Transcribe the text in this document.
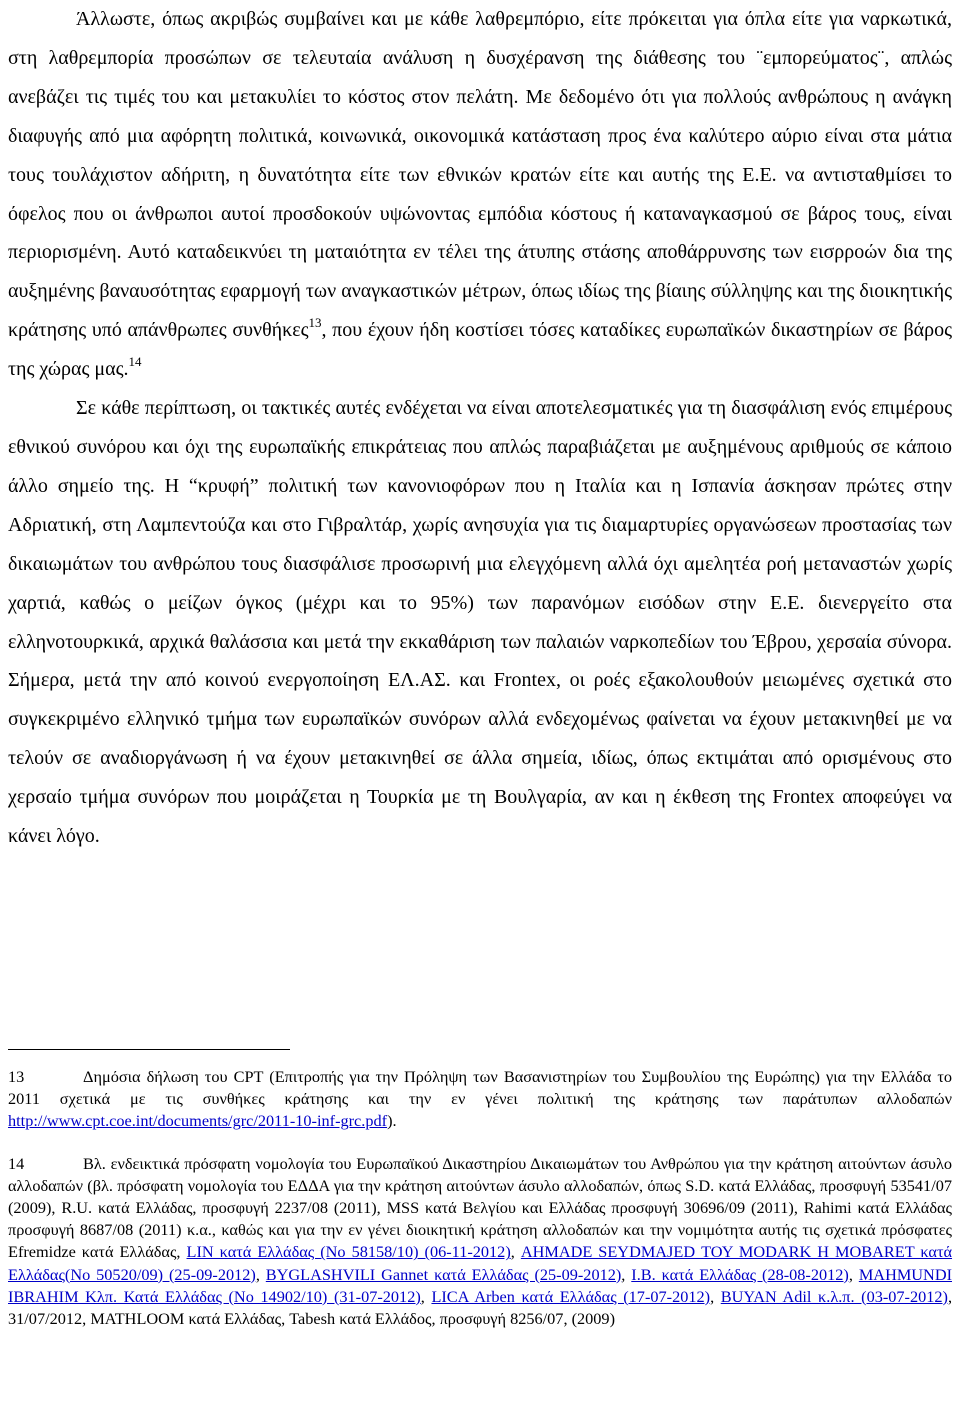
Άλλωστε, όπως ακριβώς συμβαίνει και με κάθε λαθρεμπόριο, είτε πρόκειται για όπλα είτε για ναρκωτικά, στη λαθρεμπορία προσώπων σε τελευταία ανάλυση η δυσχέρανση της διάθεσης του ¨εμπορεύματος¨, απλώς ανεβάζει τις τιμές του και μετακυλίει το κόστος στον πελάτη. Με δεδομένο ότι για πολλούς ανθρώπους η ανάγκη διαφυγής από μια αφόρητη πολιτικά, κοινωνικά, οικονομικά κατάσταση προς ένα καλύτερο αύριο είναι στα μάτια τους τουλάχιστον αδήριτη, η δυνατότητα είτε των εθνικών κρατών είτε και αυτής της Ε.Ε. να αντισταθμίσει το όφελος που οι άνθρωποι αυτοί προσδοκούν υψώνοντας εμπόδια κόστους ή καταναγκασμού σε βάρος τους, είναι περιορισμένη. Αυτό καταδεικνύει τη ματαιότητα εν τέλει της άτυπης στάσης αποθάρρυνσης των εισρροών δια της αυξημένης βαναυσότητας εφαρμογή των αναγκαστικών μέτρων, όπως ιδίως της βίαιης σύλληψης και της διοικητικής κράτησης υπό απάνθρωπες συνθήκες$^{13}$, που έχουν ήδη κοστίσει τόσες καταδίκες ευρωπαϊκών δικαστηρίων σε βάρος της χώρας μας.$^{14}$

Σε κάθε περίπτωση, οι τακτικές αυτές ενδέχεται να είναι αποτελεσματικές για τη διασφάλιση ενός επιμέρους εθνικού συνόρου και όχι της ευρωπαϊκής επικράτειας που απλώς παραβιάζεται με αυξημένους αριθμούς σε κάποιο άλλο σημείο της. Η “κρυφή” πολιτική των κανονιοφόρων που η Ιταλία και η Ισπανία άσκησαν πρώτες στην Αδριατική, στη Λαμπεντούζα και στο Γιβραλτάρ, χωρίς ανησυχία για τις διαμαρτυρίες οργανώσεων προστασίας των δικαιωμάτων του ανθρώπου τους διασφάλισε προσωρινή μια ελεγχόμενη αλλά όχι αμελητέα ροή μεταναστών χωρίς χαρτιά, καθώς ο μείζων όγκος (μέχρι και το 95%) των παρανόμων εισόδων στην Ε.Ε. διενεργείτο στα ελληνοτουρκικά, αρχικά θαλάσσια και μετά την εκκαθάριση των παλαιών ναρκοπεδίων του Έβρου, χερσαία σύνορα. Σήμερα, μετά την από κοινού ενεργοποίηση ΕΛ.ΑΣ. και Frontex, οι ροές εξακολουθούν μειωμένες σχετικά στο συγκεκριμένο ελληνικό τμήμα των ευρωπαϊκών συνόρων αλλά ενδεχομένως φαίνεται να έχουν μετακινηθεί με να τελούν σε αναδιοργάνωση ή να έχουν μετακινηθεί σε άλλα σημεία, ιδίως, όπως εκτιμάται από ορισμένους στο χερσαίο τμήμα συνόρων που μοιράζεται η Τουρκία με τη Βουλγαρία, αν και η έκθεση της Frontex αποφεύγει να κάνει λόγο.

13	Δημόσια δήλωση του CPT (Επιτροπής για την Πρόληψη των Βασανιστηρίων του Συμβουλίου της Ευρώπης) για την Ελλάδα το 2011 σχετικά με τις συνθήκες κράτησης και την εν γένει πολιτική της κράτησης των παράτυπων αλλοδαπών http://www.cpt.coe.int/documents/grc/2011-10-inf-grc.pdf).

14	Βλ. ενδεικτικά πρόσφατη νομολογία του Ευρωπαϊκού Δικαστηρίου Δικαιωμάτων του Ανθρώπου για την κράτηση αιτούντων άσυλο αλλοδαπών (βλ. πρόσφατη νομολογία του ΕΔΔΑ για την κράτηση αιτούντων άσυλο αλλοδαπών, όπως S.D. κατά Ελλάδας, προσφυγή 53541/07 (2009), R.U. κατά Ελλάδας, προσφυγή 2237/08 (2011), MSS κατά Βελγίου και Ελλάδας προσφυγή 30696/09 (2011), Rahimi κατά Ελλάδας προσφυγή 8687/08 (2011) κ.α., καθώς και για την εν γένει διοικητική κράτηση αλλοδαπών και την νομιμότητα αυτής τις σχετικά πρόσφατες Efremidze κατά Ελλάδας, LIN κατά Ελλάδας (Νο 58158/10) (06-11-2012), AHMADE SEYDMAJED ΤΟΥ MODARK Η MOBARET κατά Ελλάδας(Νο 50520/09) (25-09-2012), BYGLASHVILI Gannet κατά Ελλάδας (25-09-2012), I.B. κατά Ελλάδας (28-08-2012), MAHMUNDI IBRAHIM Κλπ. Κατά Ελλάδας (Νο 14902/10) (31-07-2012), LICA Arben κατά Ελλάδας (17-07-2012), BUYAN Adil κ.λ.π. (03-07-2012), 31/07/2012, MATHLOOM κατά Ελλάδας, Tabesh κατά Ελλάδος, προσφυγή 8256/07, (2009)
